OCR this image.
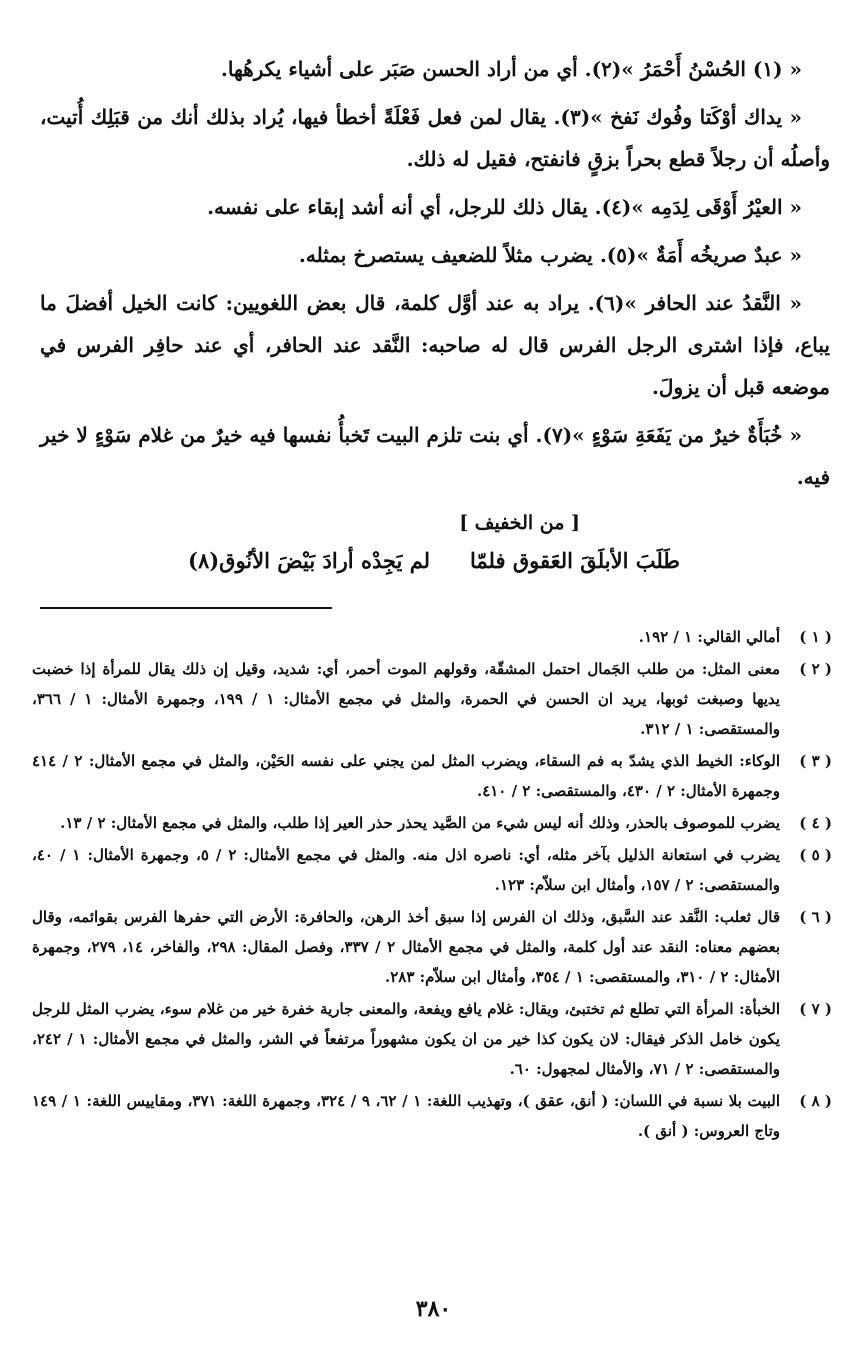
« (١) الحُسْنُ أَحْمَرُ »(٢). أي من أراد الحسن صَبَر على أشياء يكرهُها.

« يداك أوْكَتا وفُوك نَفخ »(٣). يقال لمن فعل فَعْلَةً أخطأ فيها، يُراد بذلك أنك من قبَلِك أُتيت، وأصلُه أن رجلاً قطع بحراً بزقٍ فانفتح، فقيل له ذلك.

« العيْرُ أَوْقَى لِدَمِه »(٤). يقال ذلك للرجل، أي أنه أشد إبقاء على نفسه.

« عبدٌ صريخُه أَمَةٌ »(٥). يضرب مثلاً للضعيف يستصرخ بمثله.

« النَّقدُ عند الحافر »(٦). يراد به عند أوَّل كلمة، قال بعض اللغويين: كانت الخيل أفضلَ ما يباع، فإذا اشترى الرجل الفرس قال له صاحبه: النَّقد عند الحافر، أي عند حافِر الفرس في موضعه قبل أن يزولَ.

« خُبَأَةٌ خيرٌ من يَفَعَةِ سَوْءٍ »(٧). أي بنت تلزم البيت تَخبأُ نفسها فيه خيرٌ من غلام سَوْءٍ لا خير فيه.

[ من الخفيف ]
طَلَبَ الأبلَقَ العَقوق فلمّا
لم يَجِدْه أرادَ بَيْضَ الأنُوق(٨)
( ١ )
أمالي القالي: ١ / ١٩٢.
( ٢ )
معنى المثل: من طلب الجَمال احتمل المشقّة، وقولهم الموت أحمر، أي: شديد، وقيل إن ذلك يقال للمرأة إذا خضبت يديها وصبغت ثوبها، يريد ان الحسن في الحمرة، والمثل في مجمع الأمثال: ١ / ١٩٩، وجمهرة الأمثال: ١ / ٣٦٦، والمستقصى: ١ / ٣١٢.
( ٣ )
الوكاء: الخيط الذي يشدّ به فم السقاء، ويضرب المثل لمن يجني على نفسه الحَيْن، والمثل في مجمع الأمثال: ٢ / ٤١٤ وجمهرة الأمثال: ٢ / ٤٣٠، والمستقصى: ٢ / ٤١٠.
( ٤ )
يضرب للموصوف بالحذر، وذلك أنه ليس شيء من الصَّيد يحذر حذر العير إذا طلب، والمثل في مجمع الأمثال: ٢ / ١٣.
( ٥ )
يضرب في استعانة الذليل بآخر مثله، أي: ناصره اذل منه. والمثل في مجمع الأمثال: ٢ / ٥، وجمهرة الأمثال: ١ / ٤٠، والمستقصى: ٢ / ١٥٧، وأمثال ابن سلاّم: ١٢٣.
( ٦ )
قال ثعلب: النَّقد عند السَّبق، وذلك ان الفرس إذا سبق أخذ الرهن، والحافرة: الأرض التي حفرها الفرس بقوائمه، وقال بعضهم معناه: النقد عند أول كلمة، والمثل في مجمع الأمثال ٢ / ٣٣٧، وفصل المقال: ٢٩٨، والفاخر، ١٤، ٢٧٩، وجمهرة الأمثال: ٢ / ٣١٠، والمستقصى: ١ / ٣٥٤، وأمثال ابن سلاّم: ٢٨٣.
( ٧ )
الخبأة: المرأة التي تطلع ثم تختبئ، ويقال: غلام يافع ويفعة، والمعنى جارية خفرة خير من غلام سوء، يضرب المثل للرجل يكون خامل الذكر فيقال: لان يكون كذا خير من ان يكون مشهوراً مرتفعاً في الشر، والمثل في مجمع الأمثال: ١ / ٢٤٢، والمستقصى: ٢ / ٧١، والأمثال لمجهول: ٦٠.
( ٨ )
البيت بلا نسبة في اللسان: ( أنق، عقق )، وتهذيب اللغة: ١ / ٦٢، ٩ / ٣٢٤، وجمهرة اللغة: ٣٧١، ومقاييس اللغة: ١ / ١٤٩ وتاج العروس: ( أنق ).
٣٨٠
